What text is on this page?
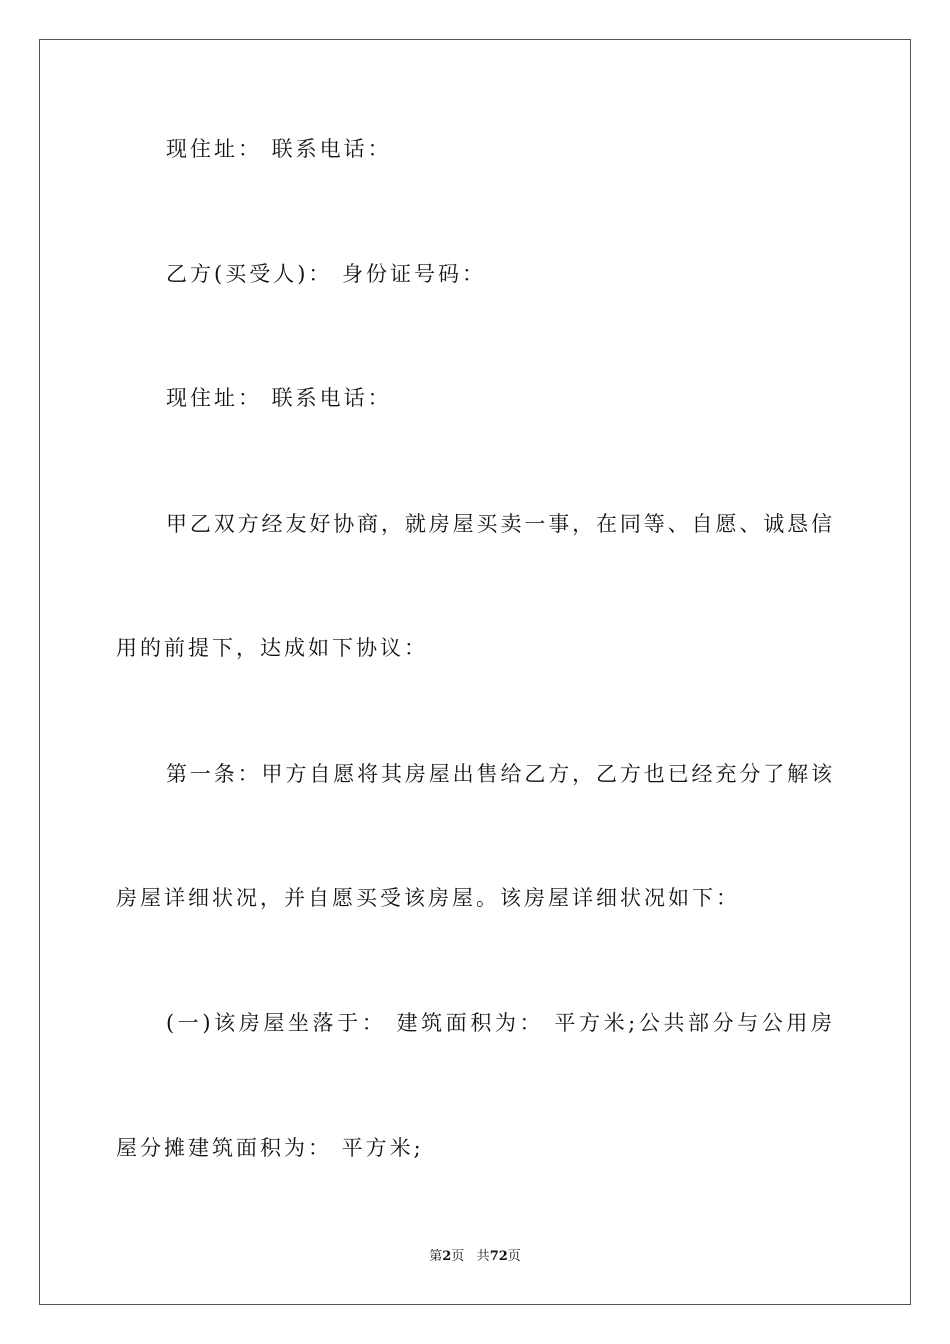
现住址： 联系电话：
乙方(买受人)： 身份证号码：
现住址： 联系电话：
甲乙双方经友好协商，就房屋买卖一事，在同等、自愿、诚恳信
用的前提下，达成如下协议：
第一条：甲方自愿将其房屋出售给乙方，乙方也已经充分了解该
房屋详细状况，并自愿买受该房屋。该房屋详细状况如下：
(一)该房屋坐落于： 建筑面积为： 平方米;公共部分与公用房
屋分摊建筑面积为： 平方米;
第2页 共72页
